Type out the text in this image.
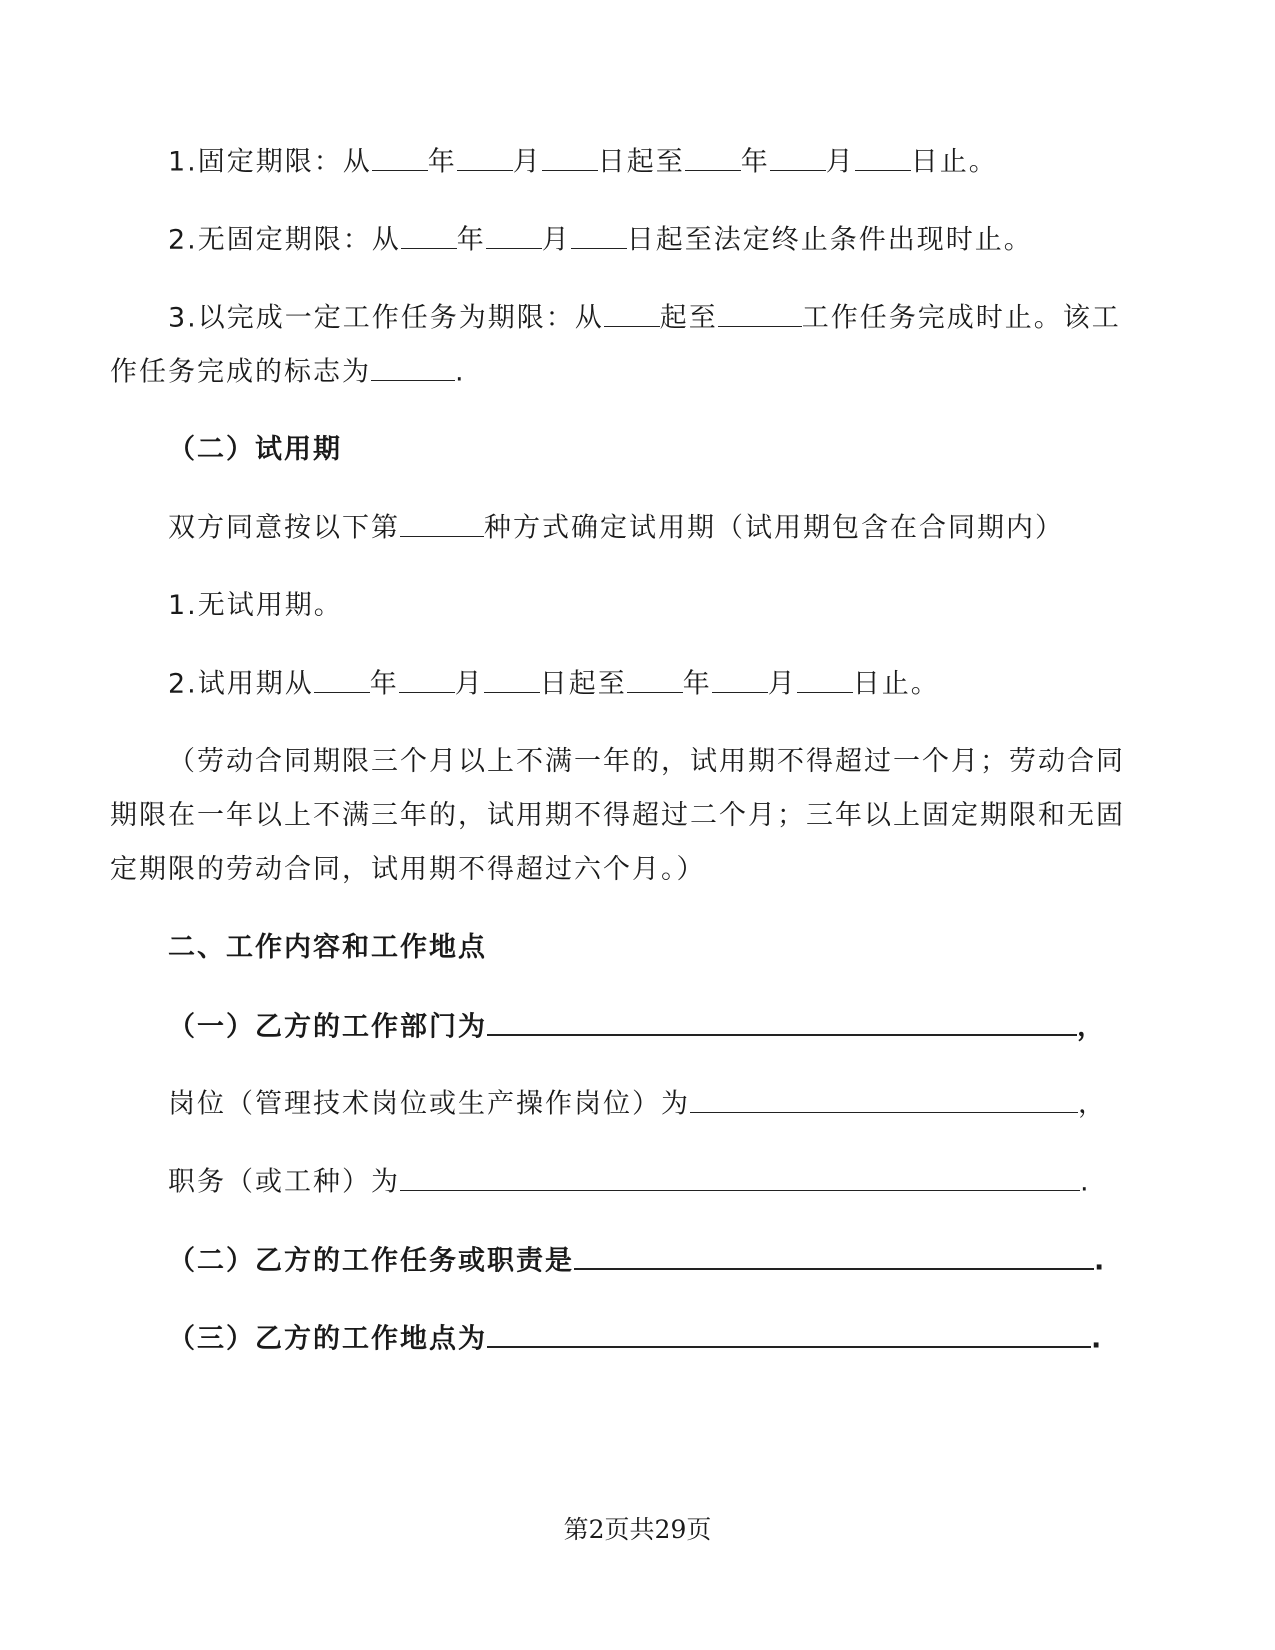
1.固定期限：从 年 月 日起至 年 月 日止。
2.无固定期限：从 年 月 日起至法定终止条件出现时止。
3.以完成一定工作任务为期限：从 起至	工作任务完成时止。该工
作任务完成的标志为	.
（二）试用期
双方同意按以下第	种方式确定试用期（试用期包含在合同期内）
1.无试用期。
2.试用期从 年 月 日起至 年 月 日止。
（劳动合同期限三个月以上不满一年的，试用期不得超过一个月；劳动合同
期限在一年以上不满三年的，试用期不得超过二个月；三年以上固定期限和无固
定期限的劳动合同，试用期不得超过六个月。）
二、工作内容和工作地点
（一）乙方的工作部门为	，
岗位（管理技术岗位或生产操作岗位）为	，
职务（或工种）为	.
（二）乙方的工作任务或职责是	.
（三）乙方的工作地点为	.
第2页共29页
